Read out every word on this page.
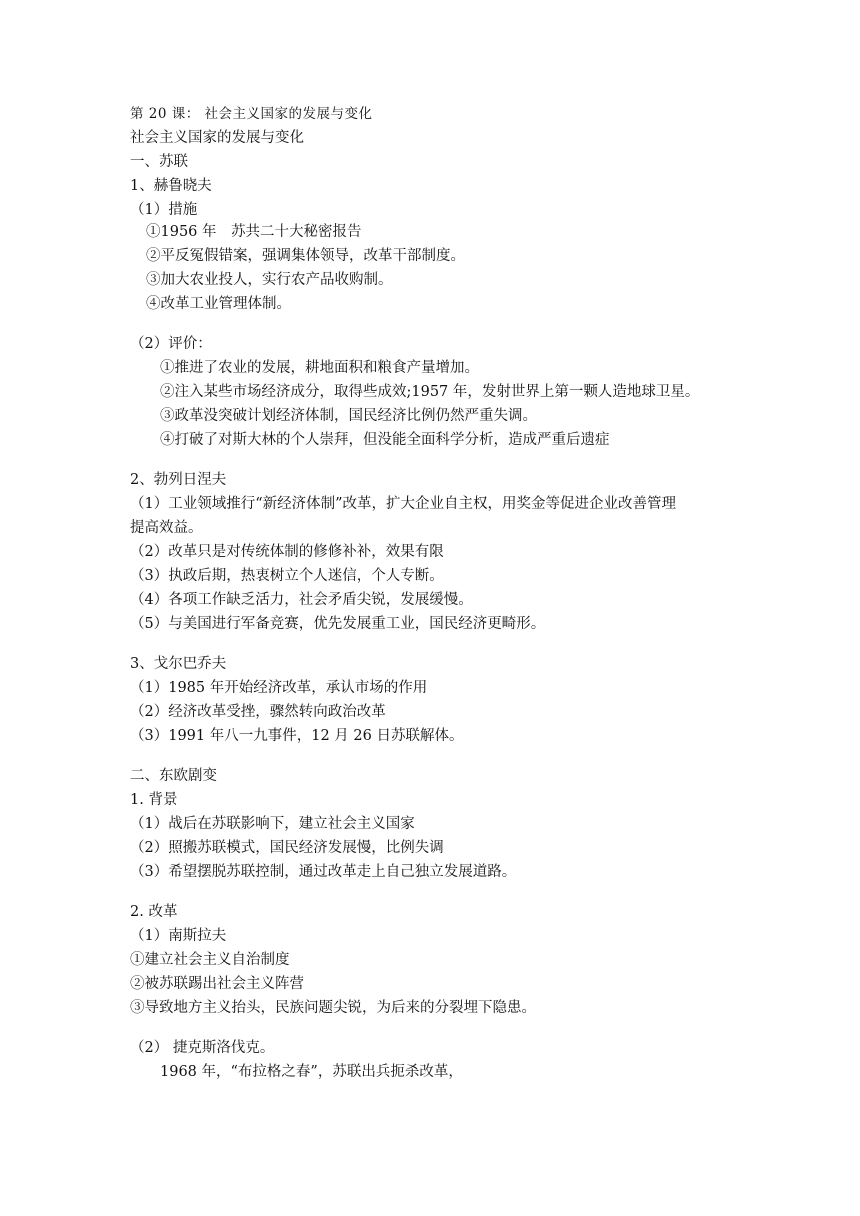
第 20 课： 社会主义国家的发展与变化
社会主义国家的发展与变化
一、苏联
1、赫鲁晓夫
（1）措施
①1956 年　苏共二十大秘密报告
②平反冤假错案，强调集体领导，改革干部制度。
③加大农业投人，实行农产品收购制。
④改革工业管理体制。
（2）评价：
①推进了农业的发展，耕地面积和粮食产量增加。
②注入某些市场经济成分，取得些成效;1957 年，发射世界上第一颗人造地球卫星。
③政革没突破计划经济体制，国民经济比例仍然严重失调。
④打破了对斯大林的个人崇拜，但没能全面科学分析，造成严重后遗症
2、勃列日涅夫
（1）工业领域推行“新经济体制”改革，扩大企业自主权，用奖金等促进企业改善管理
提高效益。
（2）改革只是对传统体制的修修补补，效果有限
（3）执政后期，热衷树立个人迷信，个人专断。
（4）各项工作缺乏活力，社会矛盾尖锐，发展缓慢。
（5）与美国进行军备竞赛，优先发展重工业，国民经济更畸形。
3、戈尔巴乔夫
（1）1985 年开始经济改革，承认市场的作用
（2）经济改革受挫，骤然转向政治改革
（3）1991 年八一九事件，12 月 26 日苏联解体。
二、东欧剧变
1. 背景
（1）战后在苏联影响下，建立社会主义国家
（2）照搬苏联模式，国民经济发展慢，比例失调
（3）希望摆脱苏联控制，通过改革走上自己独立发展道路。
2. 改革
（1）南斯拉夫
①建立社会主义自治制度
②被苏联踢出社会主义阵营
③导致地方主义抬头，民族问题尖锐，为后来的分裂埋下隐患。
（2） 捷克斯洛伐克。
1968 年，“布拉格之春”，苏联出兵扼杀改革，
